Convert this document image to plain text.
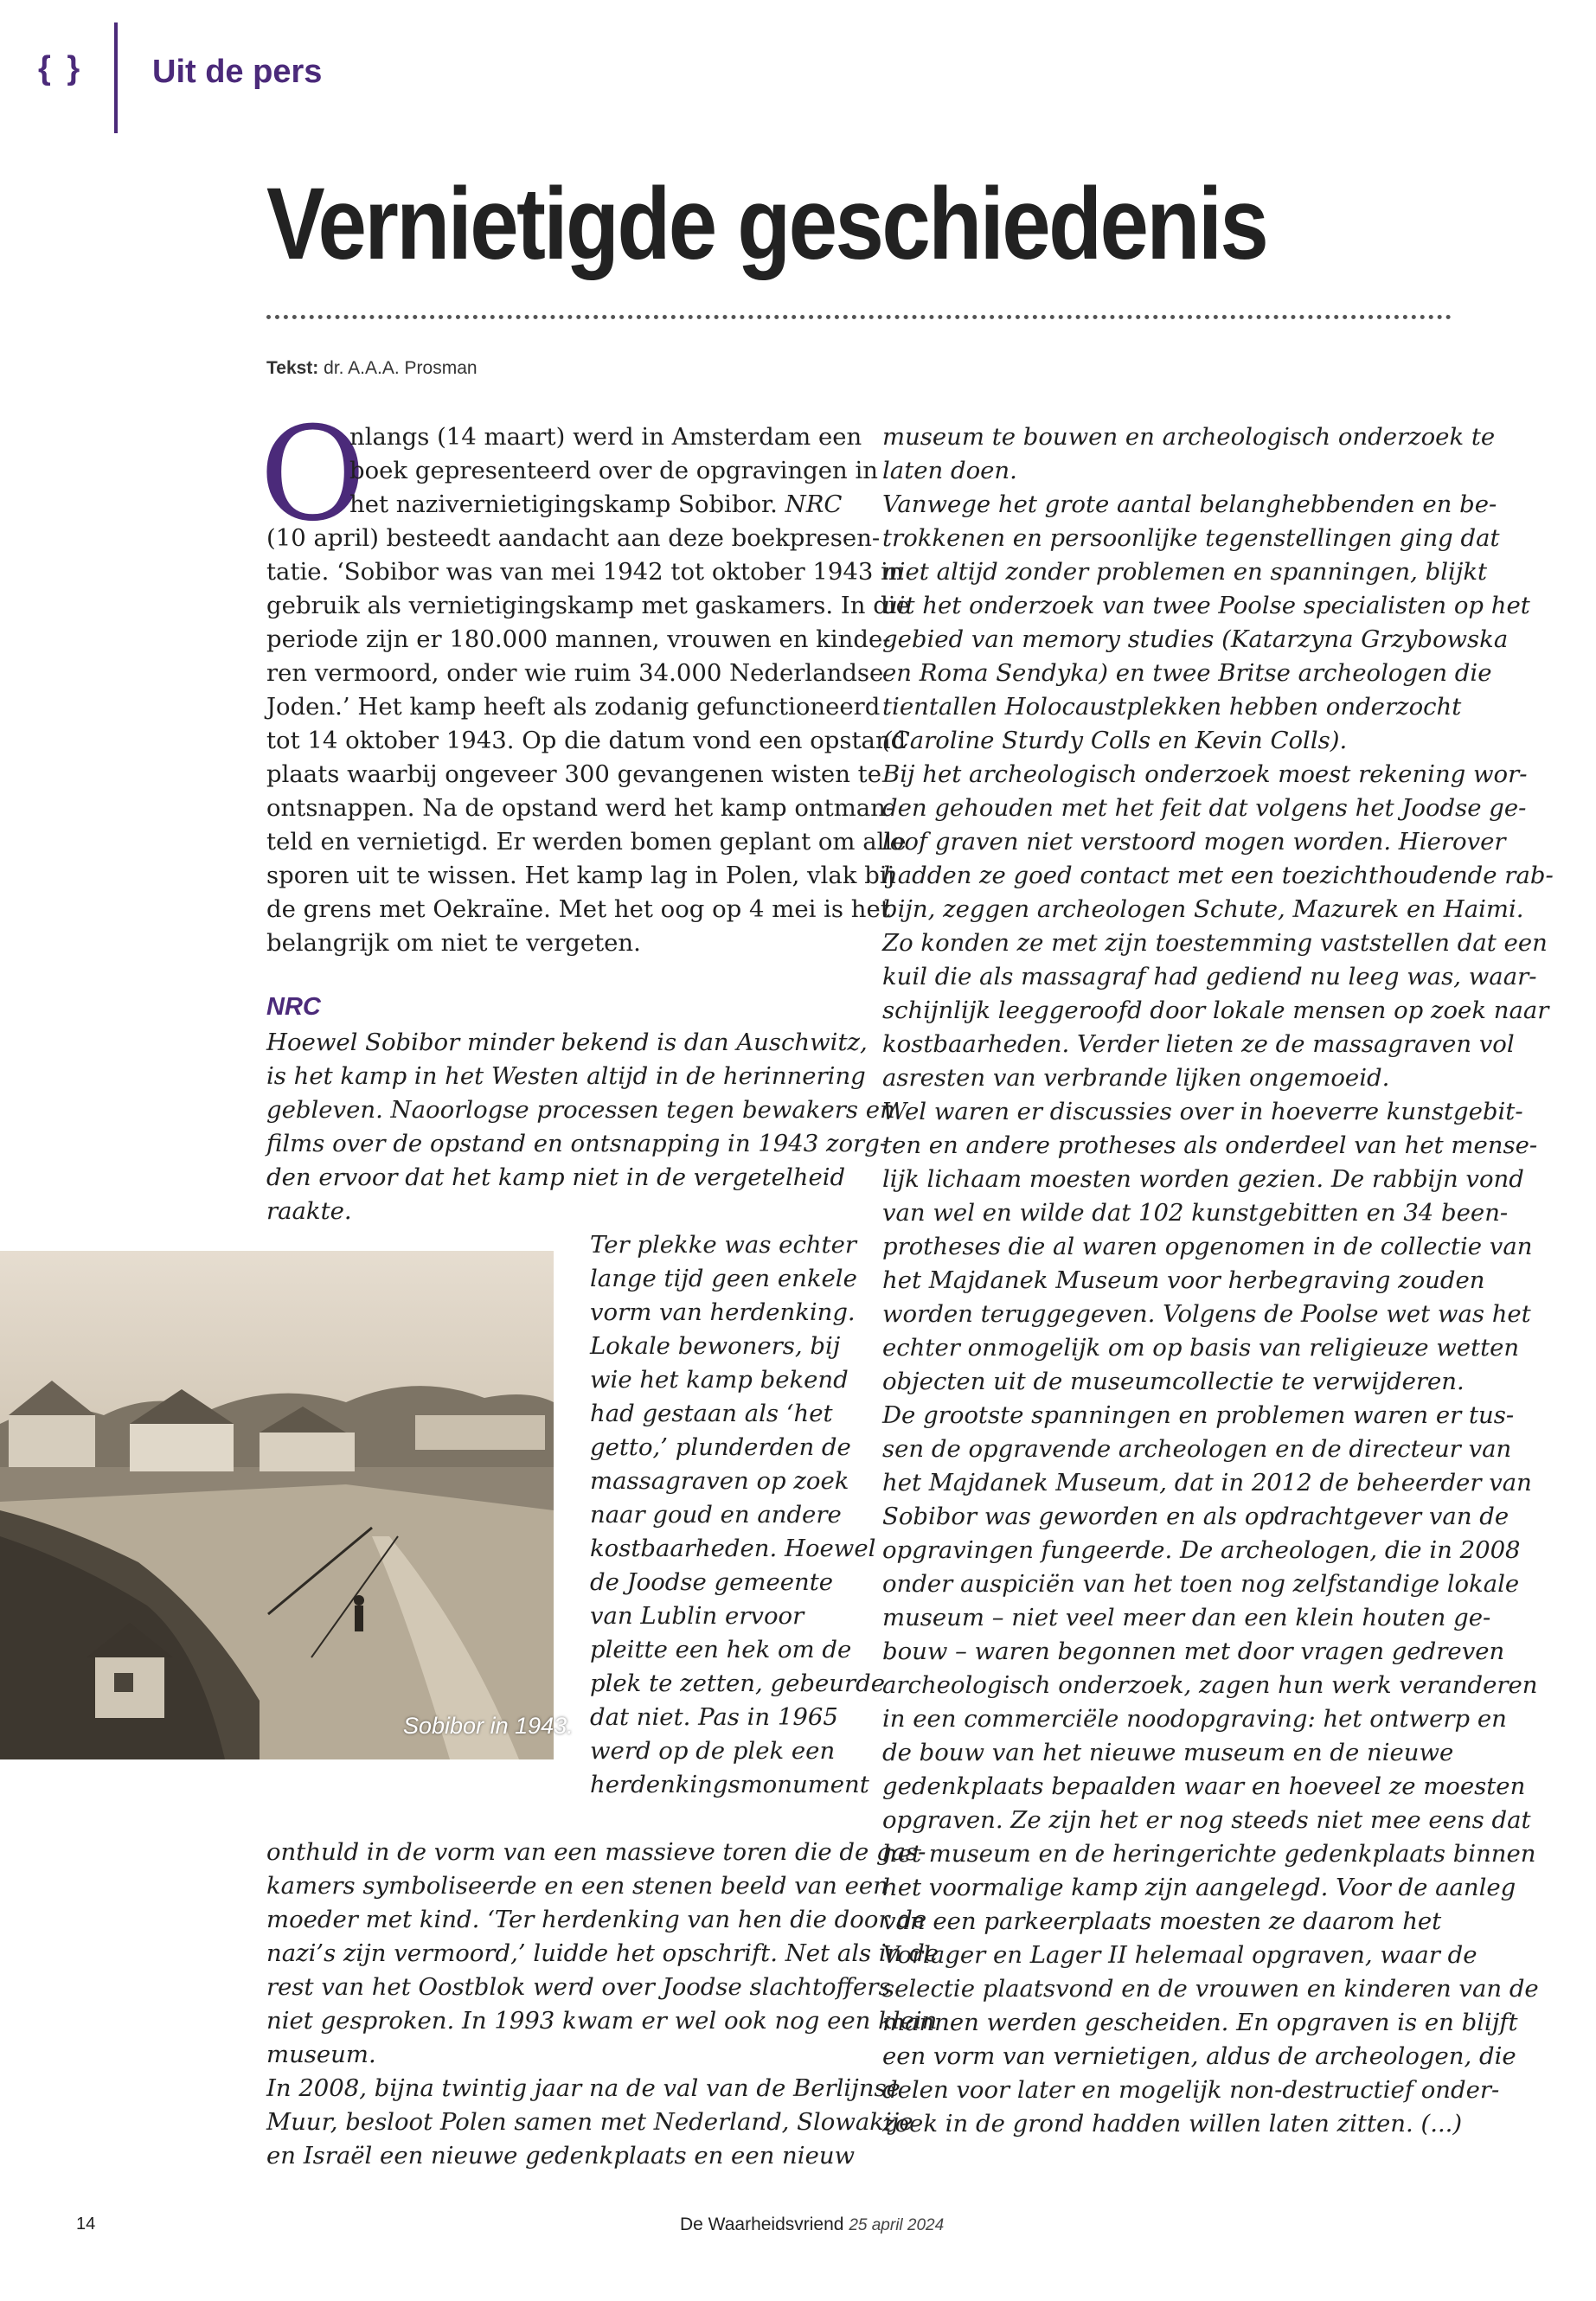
{ } Uit de pers
Vernietigde geschiedenis
Tekst: dr. A.A.A. Prosman
O
nlangs (14 maart) werd in Amsterdam een
boek gepresenteerd over de opgravingen in
het nazivernietigingskamp Sobibor. NRC
(10 april) besteedt aandacht aan deze boekpresen-
tatie. ‘Sobibor was van mei 1942 tot oktober 1943 in
gebruik als vernietigingskamp met gaskamers. In die
periode zijn er 180.000 mannen, vrouwen en kinde-
ren vermoord, onder wie ruim 34.000 Nederlandse
Joden.’ Het kamp heeft als zodanig gefunctioneerd
tot 14 oktober 1943. Op die datum vond een opstand
plaats waarbij ongeveer 300 gevangenen wisten te
ontsnappen. Na de opstand werd het kamp ontman-
teld en vernietigd. Er werden bomen geplant om alle
sporen uit te wissen. Het kamp lag in Polen, vlak bij
de grens met Oekraïne. Met het oog op 4 mei is het
belangrijk om niet te vergeten.
NRC
Hoewel Sobibor minder bekend is dan Auschwitz,
is het kamp in het Westen altijd in de herinnering
gebleven. Naoorlogse processen tegen bewakers en
films over de opstand en ontsnapping in 1943 zorg-
den ervoor dat het kamp niet in de vergetelheid
raakte.
Sobibor in 1943.
Ter plekke was echter
lange tijd geen enkele
vorm van herdenking.
Lokale bewoners, bij
wie het kamp bekend
had gestaan als ‘het
getto,’ plunderden de
massagraven op zoek
naar goud en andere
kostbaarheden. Hoewel
de Joodse gemeente
van Lublin ervoor
pleitte een hek om de
plek te zetten, gebeurde
dat niet. Pas in 1965
werd op de plek een
herdenkingsmonument
onthuld in de vorm van een massieve toren die de gas-
kamers symboliseerde en een stenen beeld van een
moeder met kind. ‘Ter herdenking van hen die door de
nazi’s zijn vermoord,’ luidde het opschrift. Net als in de
rest van het Oostblok werd over Joodse slachtoffers
niet gesproken. In 1993 kwam er wel ook nog een klein
museum.
In 2008, bijna twintig jaar na de val van de Berlijnse
Muur, besloot Polen samen met Nederland, Slowakije
en Israël een nieuwe gedenkplaats en een nieuw
museum te bouwen en archeologisch onderzoek te
laten doen.
Vanwege het grote aantal belanghebbenden en be-
trokkenen en persoonlijke tegenstellingen ging dat
niet altijd zonder problemen en spanningen, blijkt
uit het onderzoek van twee Poolse specialisten op het
gebied van memory studies (Katarzyna Grzybowska
en Roma Sendyka) en twee Britse archeologen die
tientallen Holocaustplekken hebben onderzocht
(Caroline Sturdy Colls en Kevin Colls).
Bij het archeologisch onderzoek moest rekening wor-
den gehouden met het feit dat volgens het Joodse ge-
loof graven niet verstoord mogen worden. Hierover
hadden ze goed contact met een toezichthoudende rab-
bijn, zeggen archeologen Schute, Mazurek en Haimi.
Zo konden ze met zijn toestemming vaststellen dat een
kuil die als massagraf had gediend nu leeg was, waar-
schijnlijk leeggeroofd door lokale mensen op zoek naar
kostbaarheden. Verder lieten ze de massagraven vol
asresten van verbrande lijken ongemoeid.
Wel waren er discussies over in hoeverre kunstgebit-
ten en andere protheses als onderdeel van het mense-
lijk lichaam moesten worden gezien. De rabbijn vond
van wel en wilde dat 102 kunstgebitten en 34 been-
protheses die al waren opgenomen in de collectie van
het Majdanek Museum voor herbegraving zouden
worden teruggegeven. Volgens de Poolse wet was het
echter onmogelijk om op basis van religieuze wetten
objecten uit de museumcollectie te verwijderen.
De grootste spanningen en problemen waren er tus-
sen de opgravende archeologen en de directeur van
het Majdanek Museum, dat in 2012 de beheerder van
Sobibor was geworden en als opdrachtgever van de
opgravingen fungeerde. De archeologen, die in 2008
onder auspiciën van het toen nog zelfstandige lokale
museum – niet veel meer dan een klein houten ge-
bouw – waren begonnen met door vragen gedreven
archeologisch onderzoek, zagen hun werk veranderen
in een commerciële noodopgraving: het ontwerp en
de bouw van het nieuwe museum en de nieuwe
gedenkplaats bepaalden waar en hoeveel ze moesten
opgraven. Ze zijn het er nog steeds niet mee eens dat
het museum en de heringerichte gedenkplaats binnen
het voormalige kamp zijn aangelegd. Voor de aanleg
van een parkeerplaats moesten ze daarom het
Vorlager en Lager II helemaal opgraven, waar de
selectie plaatsvond en de vrouwen en kinderen van de
mannen werden gescheiden. En opgraven is en blijft
een vorm van vernietigen, aldus de archeologen, die
delen voor later en mogelijk non-destructief onder-
zoek in de grond hadden willen laten zitten. (...)
14	De Waarheidsvriend 25 april 2024
